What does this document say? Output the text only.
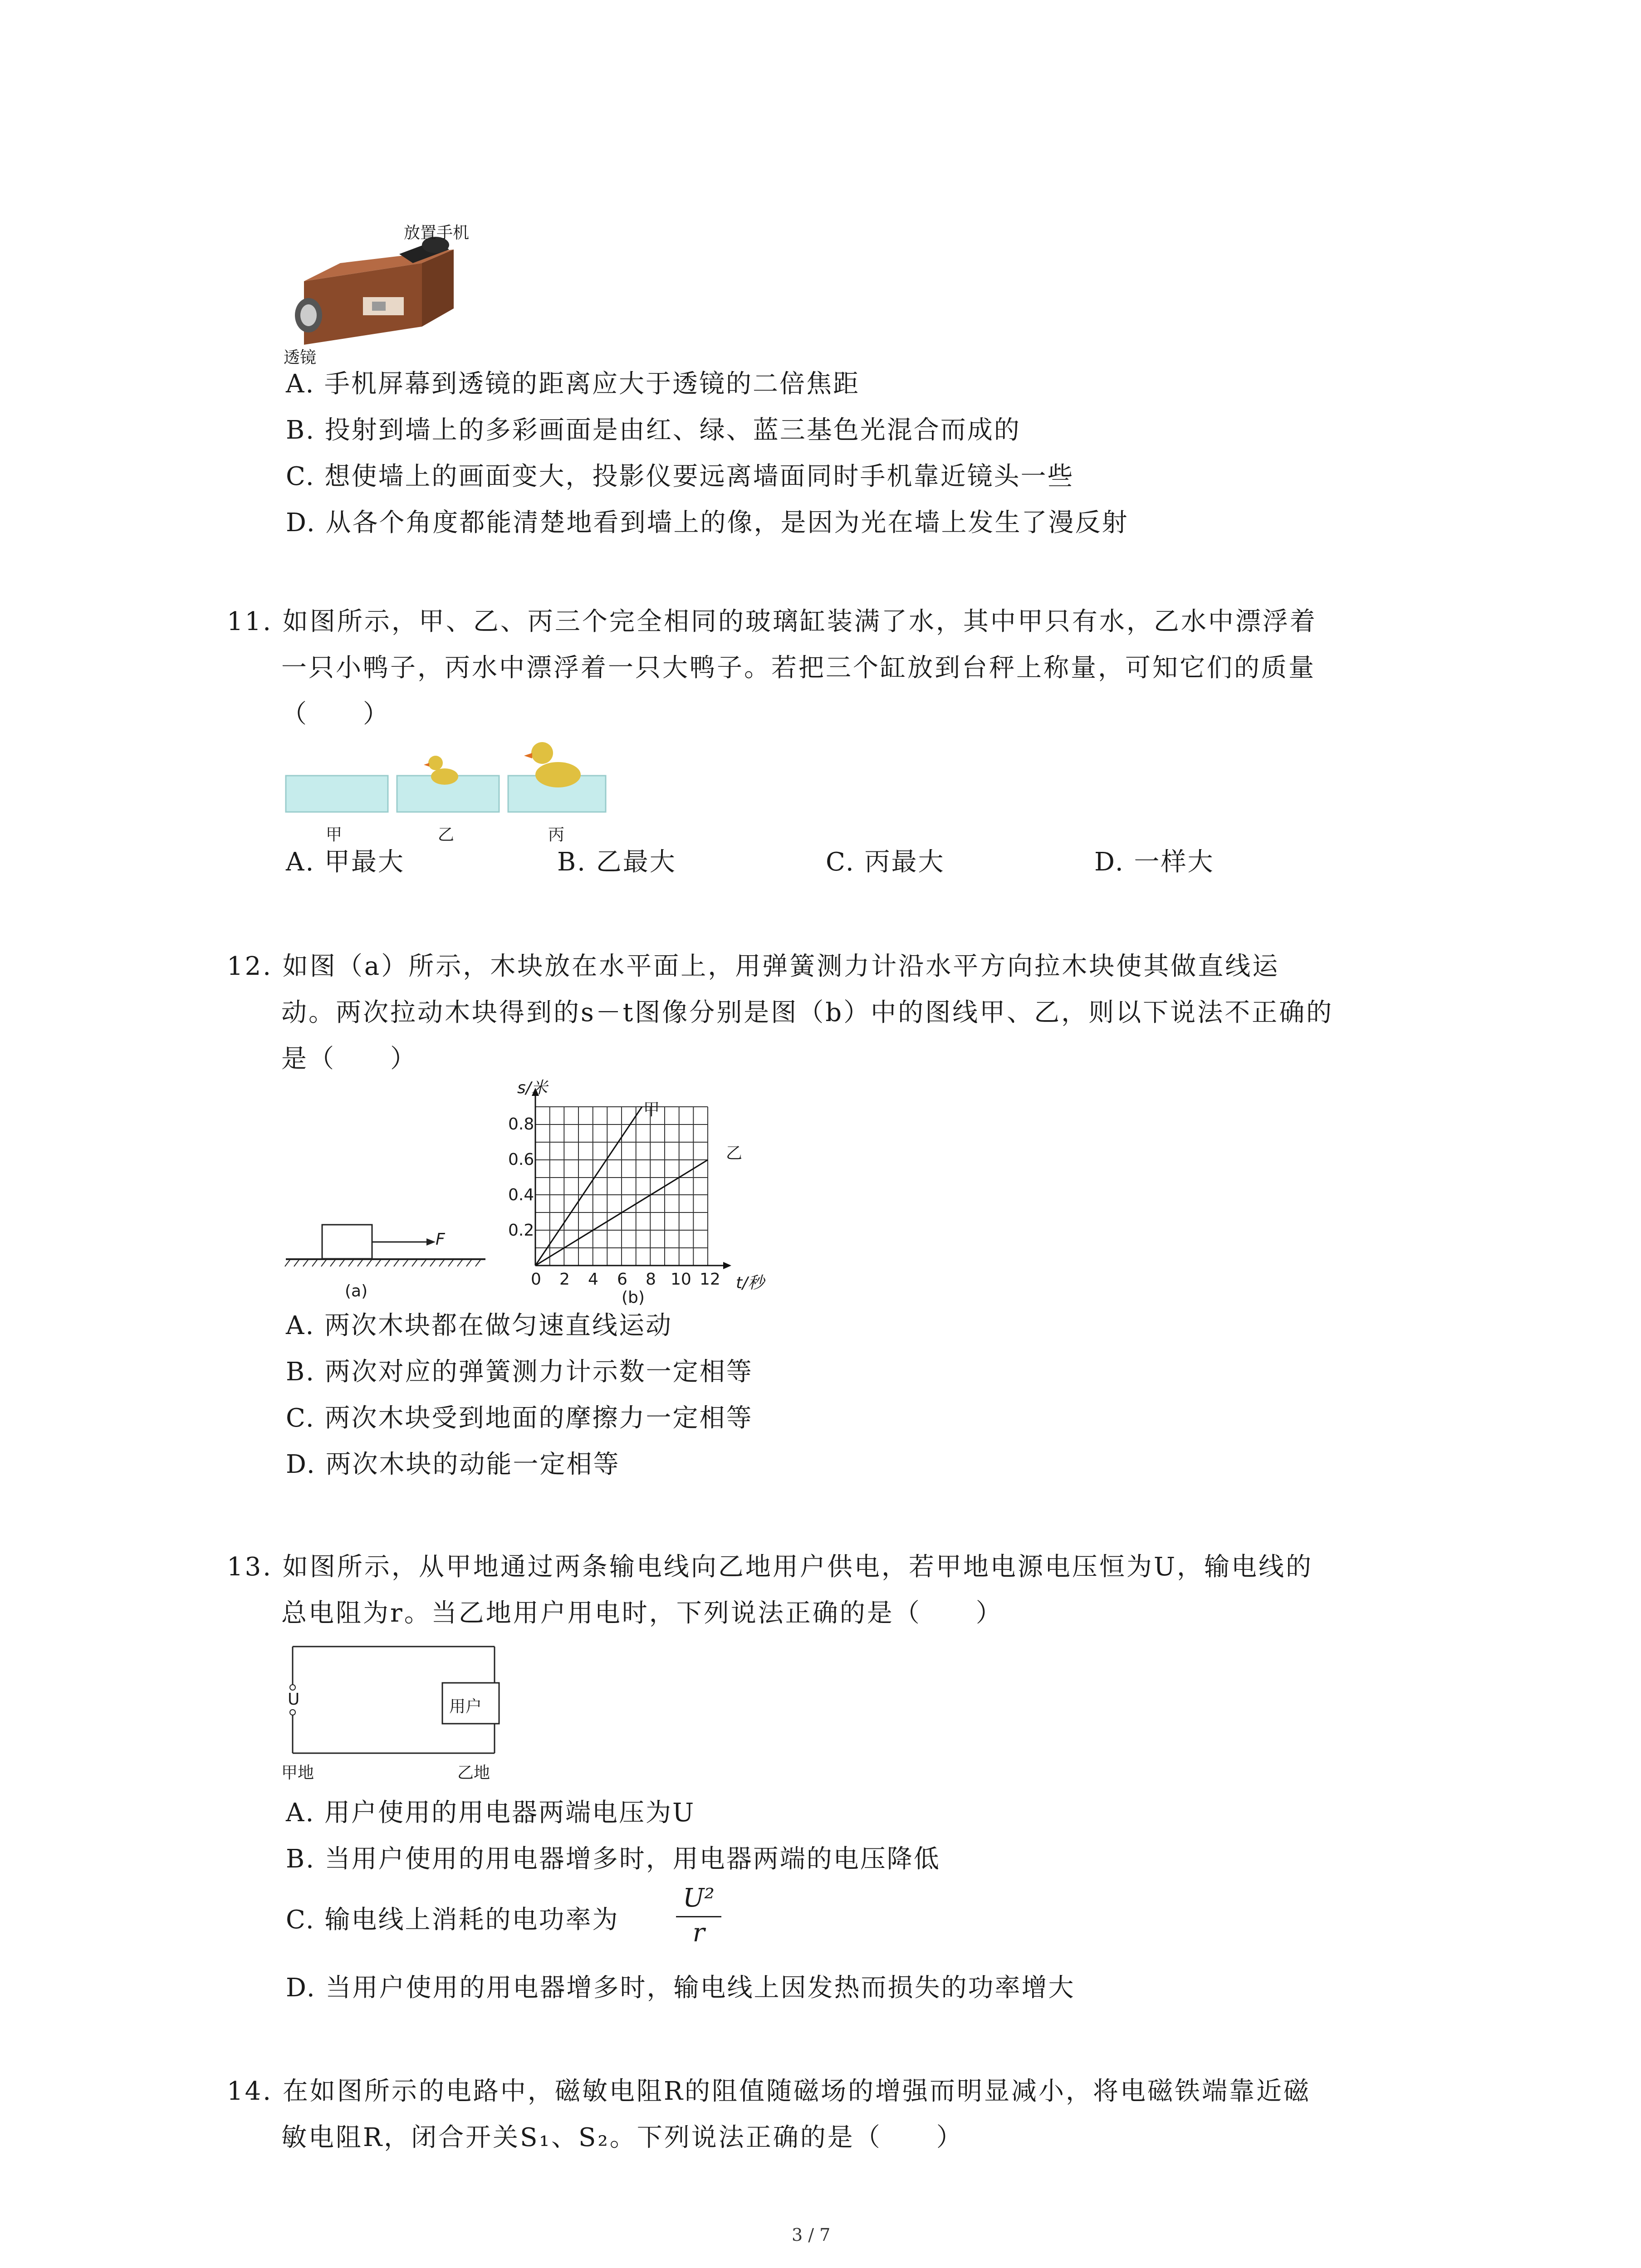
放置手机
透镜
A. 手机屏幕到透镜的距离应大于透镜的二倍焦距
B. 投射到墙上的多彩画面是由红、绿、蓝三基色光混合而成的
C. 想使墙上的画面变大，投影仪要远离墙面同时手机靠近镜头一些
D. 从各个角度都能清楚地看到墙上的像，是因为光在墙上发生了漫反射
11. 如图所示，甲、乙、丙三个完全相同的玻璃缸装满了水，其中甲只有水，乙水中漂浮着
一只小鸭子，丙水中漂浮着一只大鸭子。若把三个缸放到台秤上称量，可知它们的质量
（　　）
甲	乙	丙
A. 甲最大	B. 乙最大	C. 丙最大	D. 一样大
12. 如图（a）所示，木块放在水平面上，用弹簧测力计沿水平方向拉木块使其做直线运
动。两次拉动木块得到的s－t图像分别是图（b）中的图线甲、乙，则以下说法不正确的
是（　　）
F
(a)
s/米
0.8
0.6
0.4
0.2
0 2 4 6 8 10 12 t/秒
(b)
甲
乙
A. 两次木块都在做匀速直线运动
B. 两次对应的弹簧测力计示数一定相等
C. 两次木块受到地面的摩擦力一定相等
D. 两次木块的动能一定相等
13. 如图所示，从甲地通过两条输电线向乙地用户供电，若甲地电源电压恒为U，输电线的
总电阻为r。当乙地用户用电时，下列说法正确的是（　　）
U	用户
甲地	乙地
A. 用户使用的用电器两端电压为U
B. 当用户使用的用电器增多时，用电器两端的电压降低
C. 输电线上消耗的电功率为
U²
r
D. 当用户使用的用电器增多时，输电线上因发热而损失的功率增大
14. 在如图所示的电路中，磁敏电阻R的阻值随磁场的增强而明显减小，将电磁铁端靠近磁
敏电阻R，闭合开关S₁、S₂。下列说法正确的是（　　）
3 / 7
